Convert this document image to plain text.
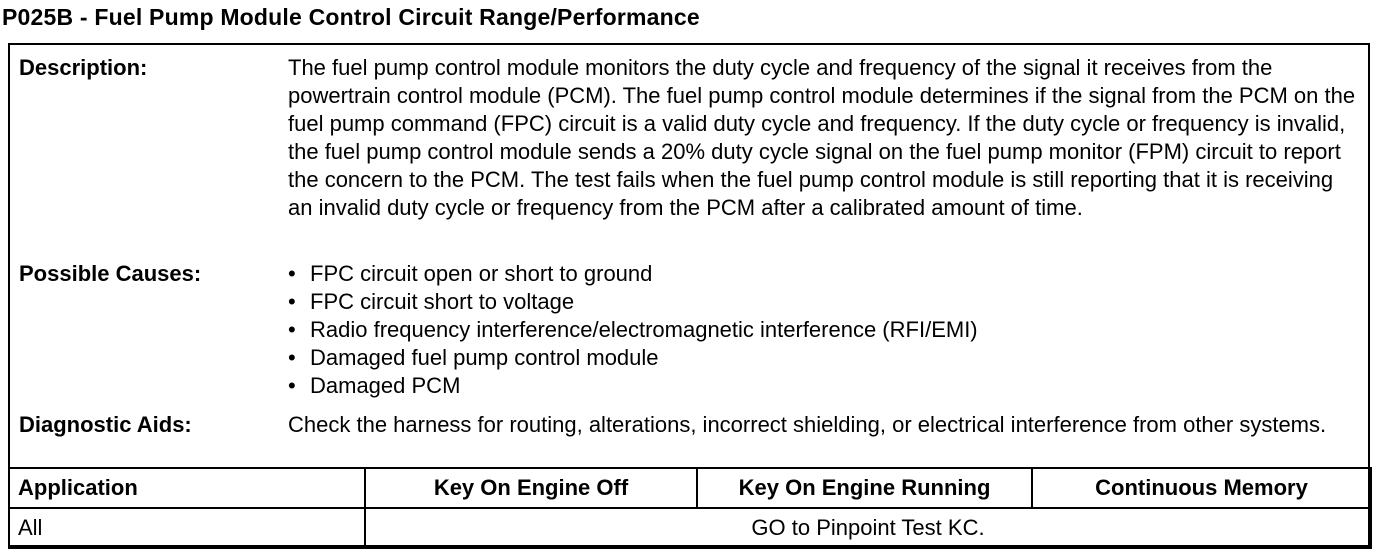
P025B - Fuel Pump Module Control Circuit Range/Performance
Description:	The fuel pump control module monitors the duty cycle and frequency of the signal it receives from the powertrain control module (PCM). The fuel pump control module determines if the signal from the PCM on the fuel pump command (FPC) circuit is a valid duty cycle and frequency. If the duty cycle or frequency is invalid, the fuel pump control module sends a 20% duty cycle signal on the fuel pump monitor (FPM) circuit to report the concern to the PCM. The test fails when the fuel pump control module is still reporting that it is receiving an invalid duty cycle or frequency from the PCM after a calibrated amount of time.

Possible Causes:	• FPC circuit open or short to ground
• FPC circuit short to voltage
• Radio frequency interference/electromagnetic interference (RFI/EMI)
• Damaged fuel pump control module
• Damaged PCM
Diagnostic Aids:	Check the harness for routing, alterations, incorrect shielding, or electrical interference from other systems.

Application	Key On Engine Off	Key On Engine Running	Continuous Memory
All	GO to Pinpoint Test KC.		
